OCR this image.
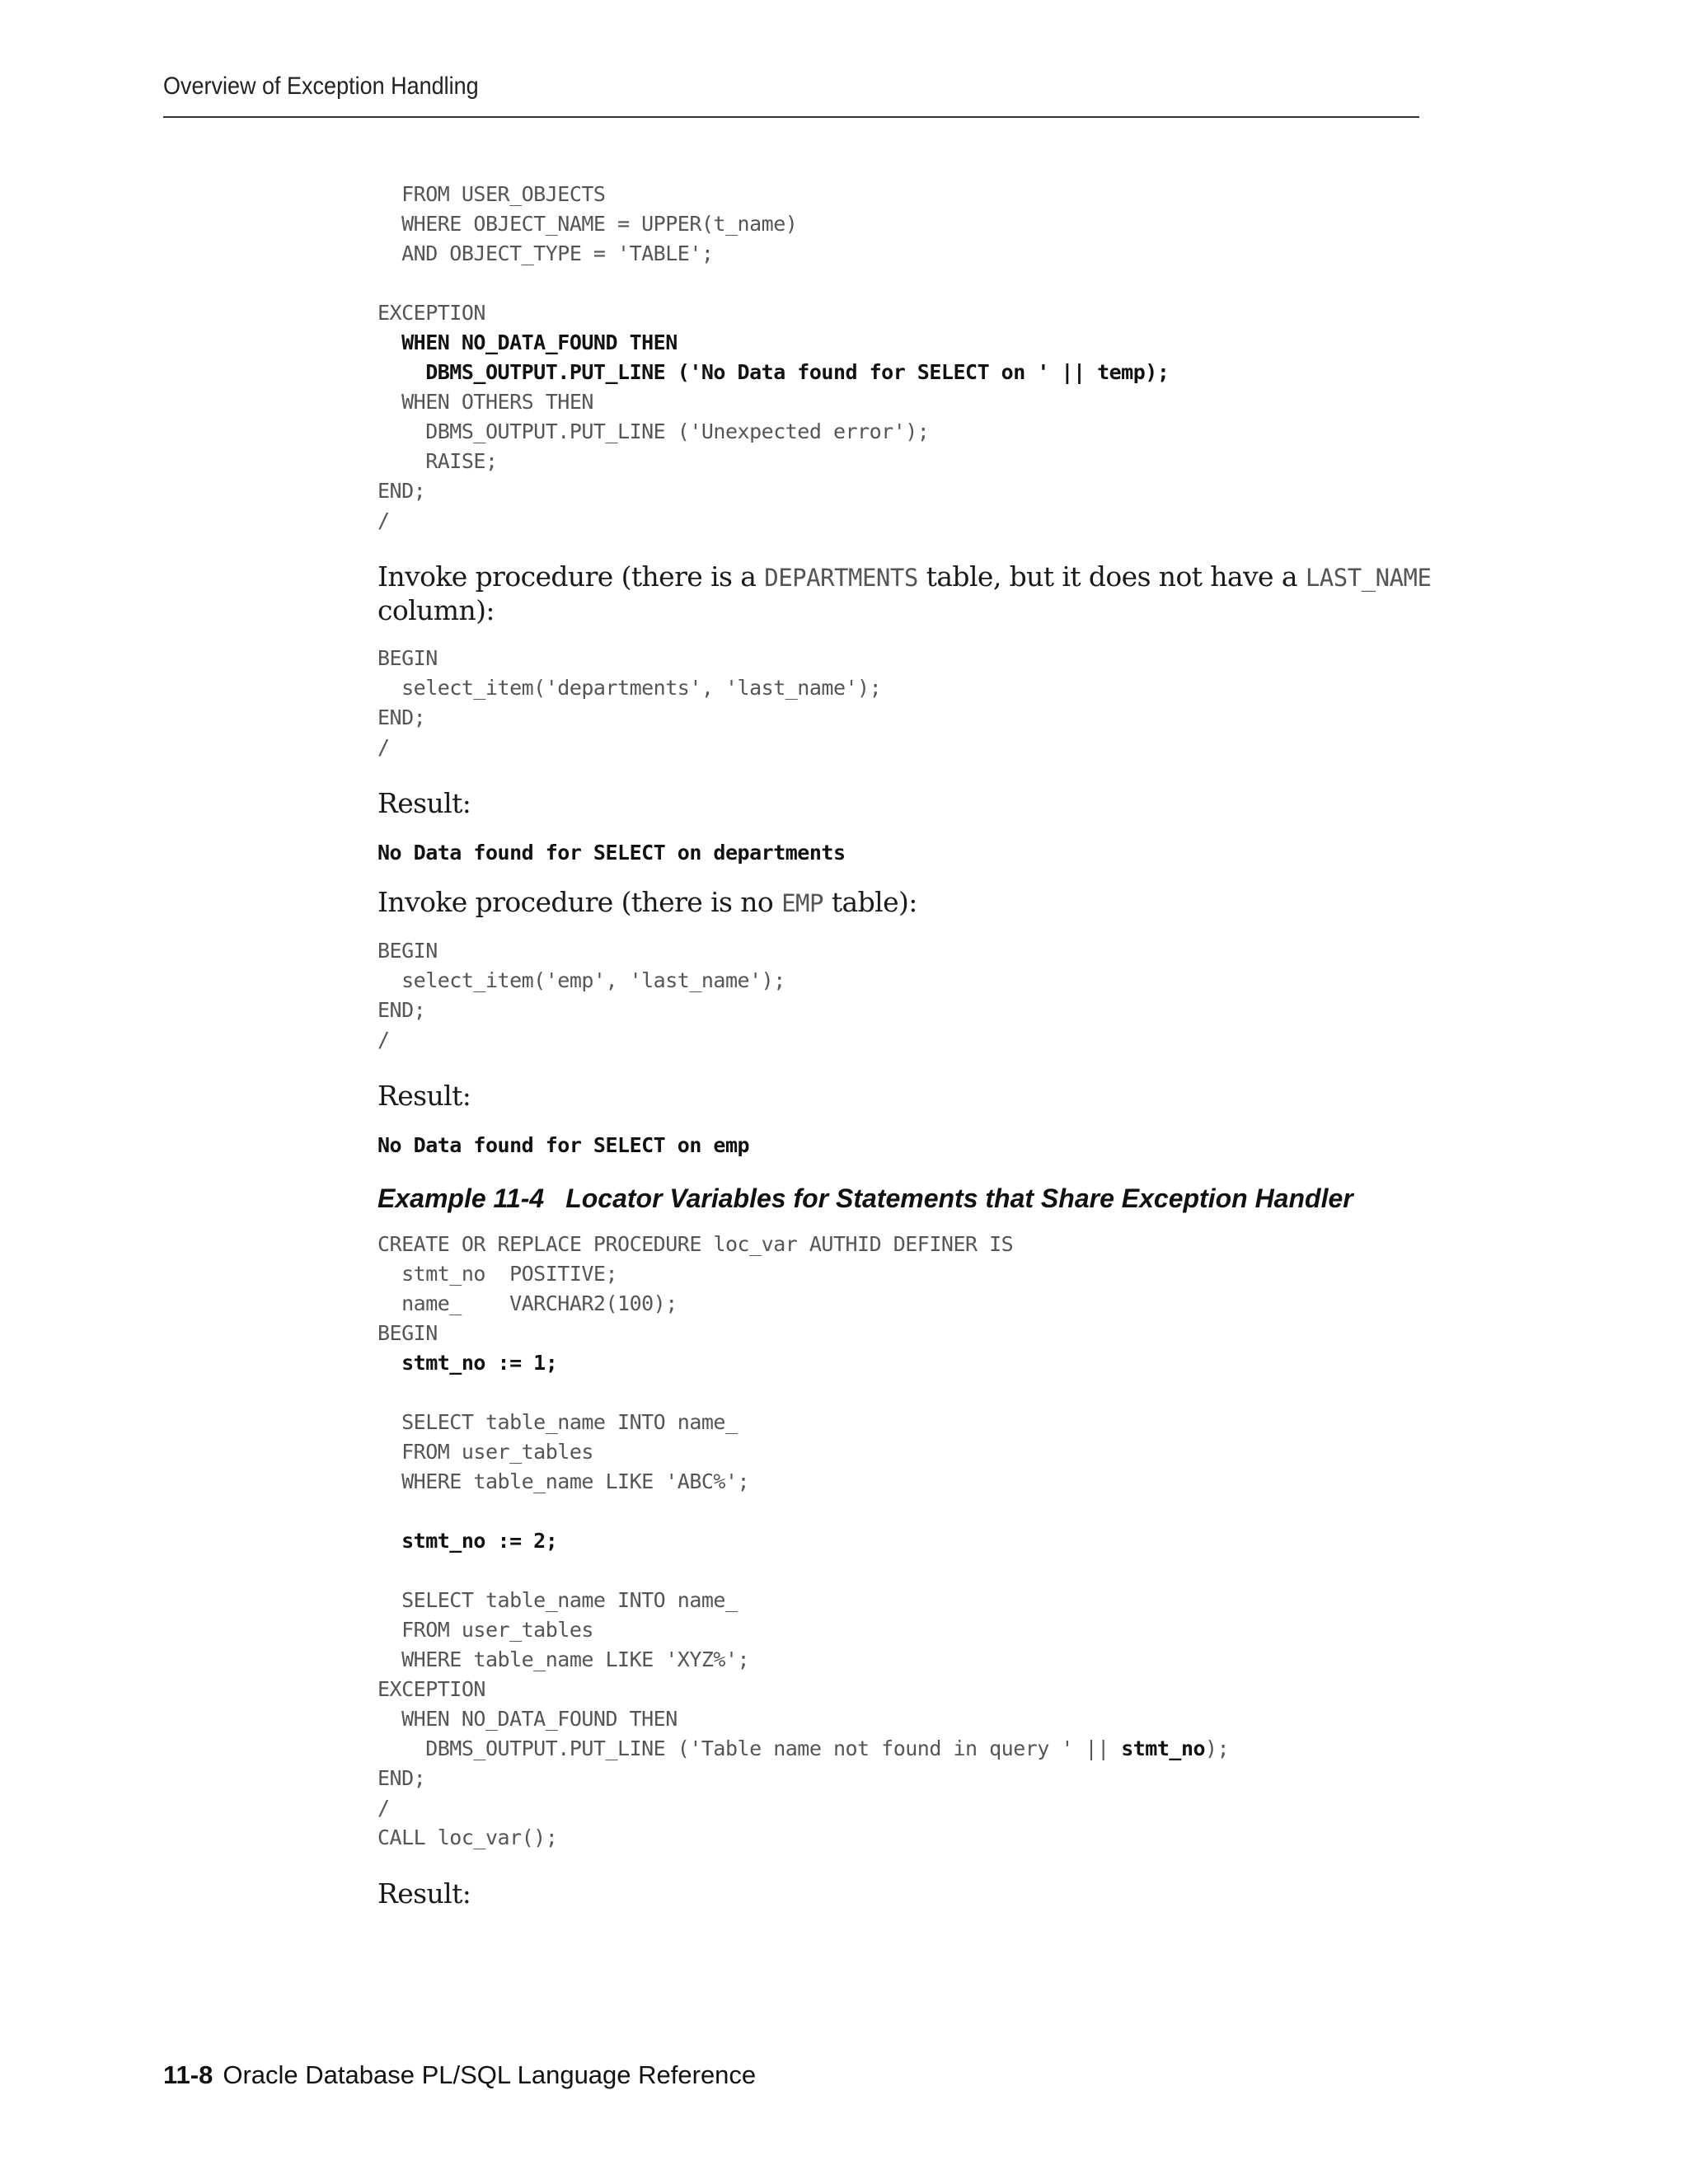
Overview of Exception Handling
FROM USER_OBJECTS
WHERE OBJECT_NAME = UPPER(t_name)
AND OBJECT_TYPE = 'TABLE';

EXCEPTION
WHEN NO_DATA_FOUND THEN
DBMS_OUTPUT.PUT_LINE ('No Data found for SELECT on ' || temp);
WHEN OTHERS THEN
DBMS_OUTPUT.PUT_LINE ('Unexpected error');
RAISE;
END;
/

Invoke procedure (there is a DEPARTMENTS table, but it does not have a LAST_NAME column):

BEGIN
select_item('departments', 'last_name');
END;
/

Result:

No Data found for SELECT on departments

Invoke procedure (there is no EMP table):

BEGIN
select_item('emp', 'last_name');
END;
/

Result:

No Data found for SELECT on emp

Example 11-4 Locator Variables for Statements that Share Exception Handler

CREATE OR REPLACE PROCEDURE loc_var AUTHID DEFINER IS
stmt_no  POSITIVE;
name_    VARCHAR2(100);
BEGIN
stmt_no := 1;

SELECT table_name INTO name_
FROM user_tables
WHERE table_name LIKE 'ABC%';

stmt_no := 2;

SELECT table_name INTO name_
FROM user_tables
WHERE table_name LIKE 'XYZ%';
EXCEPTION
WHEN NO_DATA_FOUND THEN
DBMS_OUTPUT.PUT_LINE ('Table name not found in query ' || stmt_no);
END;
/
CALL loc_var();

Result:

11-8 Oracle Database PL/SQL Language Reference
